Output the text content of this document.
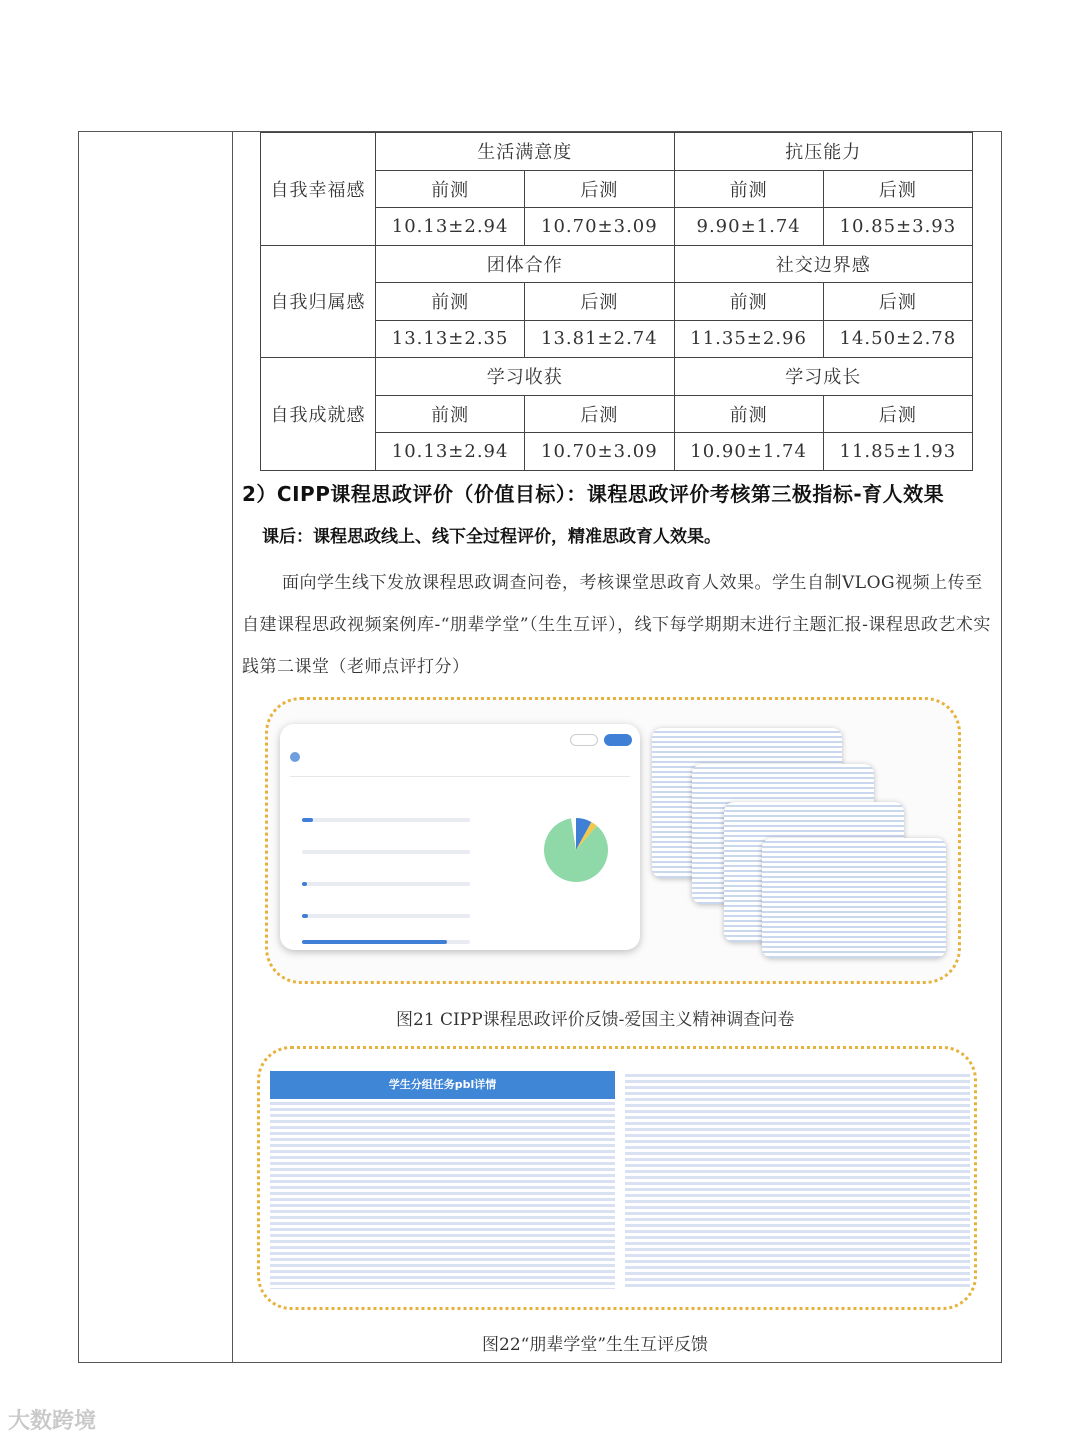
自我幸福感	生活满意度		抗压能力	
	前测	后测	前测	后测
	10.13±2.94	10.70±3.09	9.90±1.74	10.85±3.93
自我归属感	团体合作		社交边界感	
	前测	后测	前测	后测
	13.13±2.35	13.81±2.74	11.35±2.96	14.50±2.78
自我成就感	学习收获		学习成长	
	前测	后测	前测	后测
	10.13±2.94	10.70±3.09	10.90±1.74	11.85±1.93
2）CIPP课程思政评价（价值目标）：课程思政评价考核第三极指标-育人效果
课后：课程思政线上、线下全过程评价，精准思政育人效果。

面向学生线下发放课程思政调查问卷，考核课堂思政育人效果。学生自制VLOG视频上传至自建课程思政视频案例库-“朋辈学堂”（生生互评），线下每学期期末进行主题汇报-课程思政艺术实践第二课堂（老师点评打分）

图21 CIPP课程思政评价反馈-爱国主义精神调查问卷
学生分组任务pbl详情
图22“朋辈学堂”生生互评反馈
大数跨境
